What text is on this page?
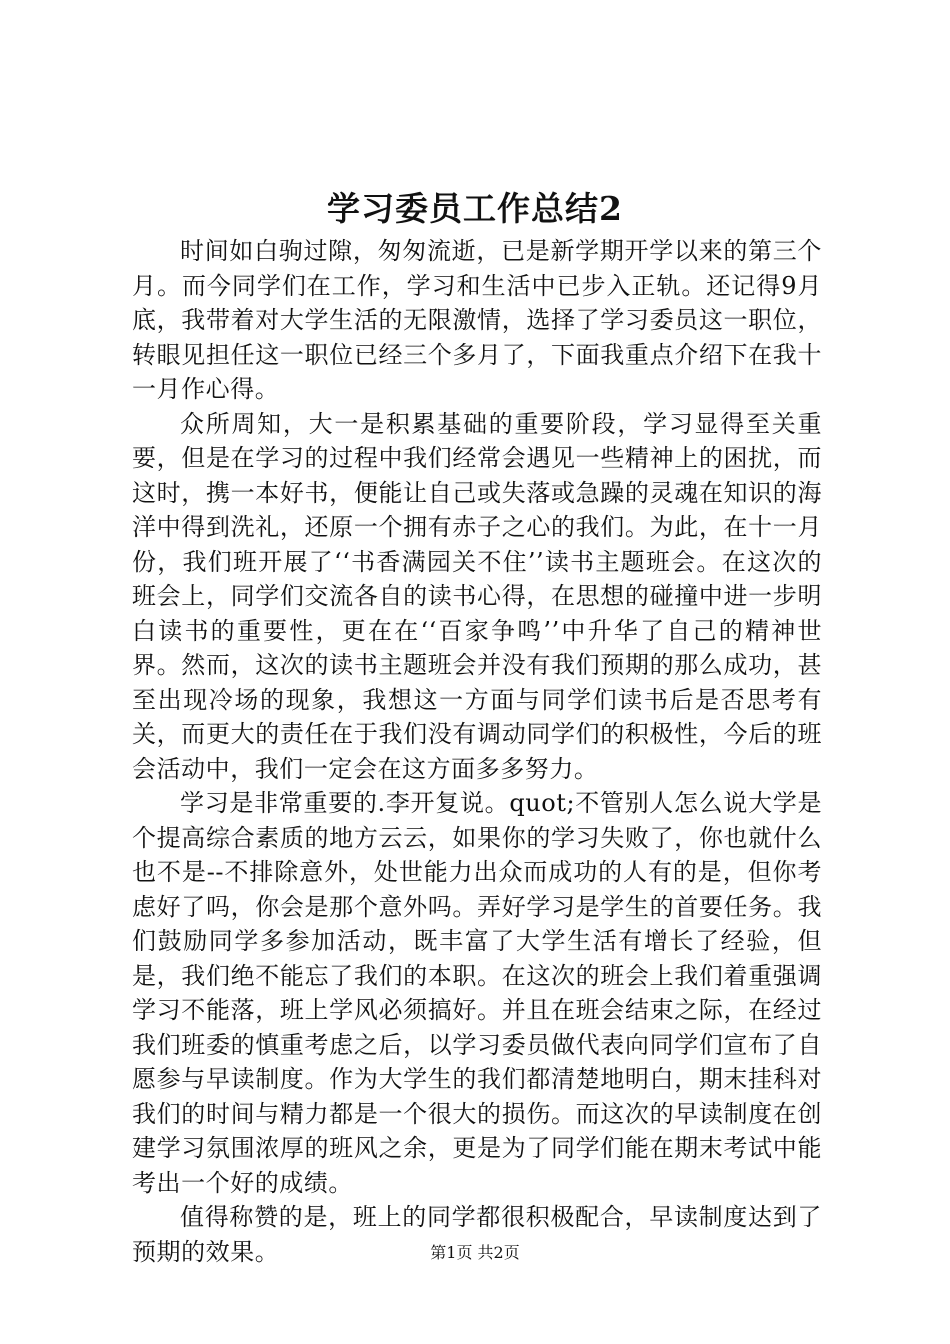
学习委员工作总结2

时间如白驹过隙，匆匆流逝，已是新学期开学以来的第三个月。而今同学们在工作，学习和生活中已步入正轨。还记得9月底，我带着对大学生活的无限激情，选择了学习委员这一职位，转眼见担任这一职位已经三个多月了，下面我重点介绍下在我十一月作心得。

众所周知，大一是积累基础的重要阶段，学习显得至关重要，但是在学习的过程中我们经常会遇见一些精神上的困扰，而这时，携一本好书，便能让自己或失落或急躁的灵魂在知识的海洋中得到洗礼，还原一个拥有赤子之心的我们。为此，在十一月份，我们班开展了‘‘书香满园关不住’’读书主题班会。在这次的班会上，同学们交流各自的读书心得，在思想的碰撞中进一步明白读书的重要性，更在在‘‘百家争鸣’’中升华了自己的精神世界。然而，这次的读书主题班会并没有我们预期的那么成功，甚至出现冷场的现象，我想这一方面与同学们读书后是否思考有关，而更大的责任在于我们没有调动同学们的积极性，今后的班会活动中，我们一定会在这方面多多努力。

学习是非常重要的.李开复说。quot;不管别人怎么说大学是个提高综合素质的地方云云，如果你的学习失败了，你也就什么也不是--不排除意外，处世能力出众而成功的人有的是，但你考虑好了吗，你会是那个意外吗。弄好学习是学生的首要任务。我们鼓励同学多参加活动，既丰富了大学生活有增长了经验，但是，我们绝不能忘了我们的本职。在这次的班会上我们着重强调学习不能落，班上学风必须搞好。并且在班会结束之际，在经过我们班委的慎重考虑之后，以学习委员做代表向同学们宣布了自愿参与早读制度。作为大学生的我们都清楚地明白，期末挂科对我们的时间与精力都是一个很大的损伤。而这次的早读制度在创建学习氛围浓厚的班风之余，更是为了同学们能在期末考试中能考出一个好的成绩。

值得称赞的是，班上的同学都很积极配合，早读制度达到了预期的效果。	第1页 共2页
